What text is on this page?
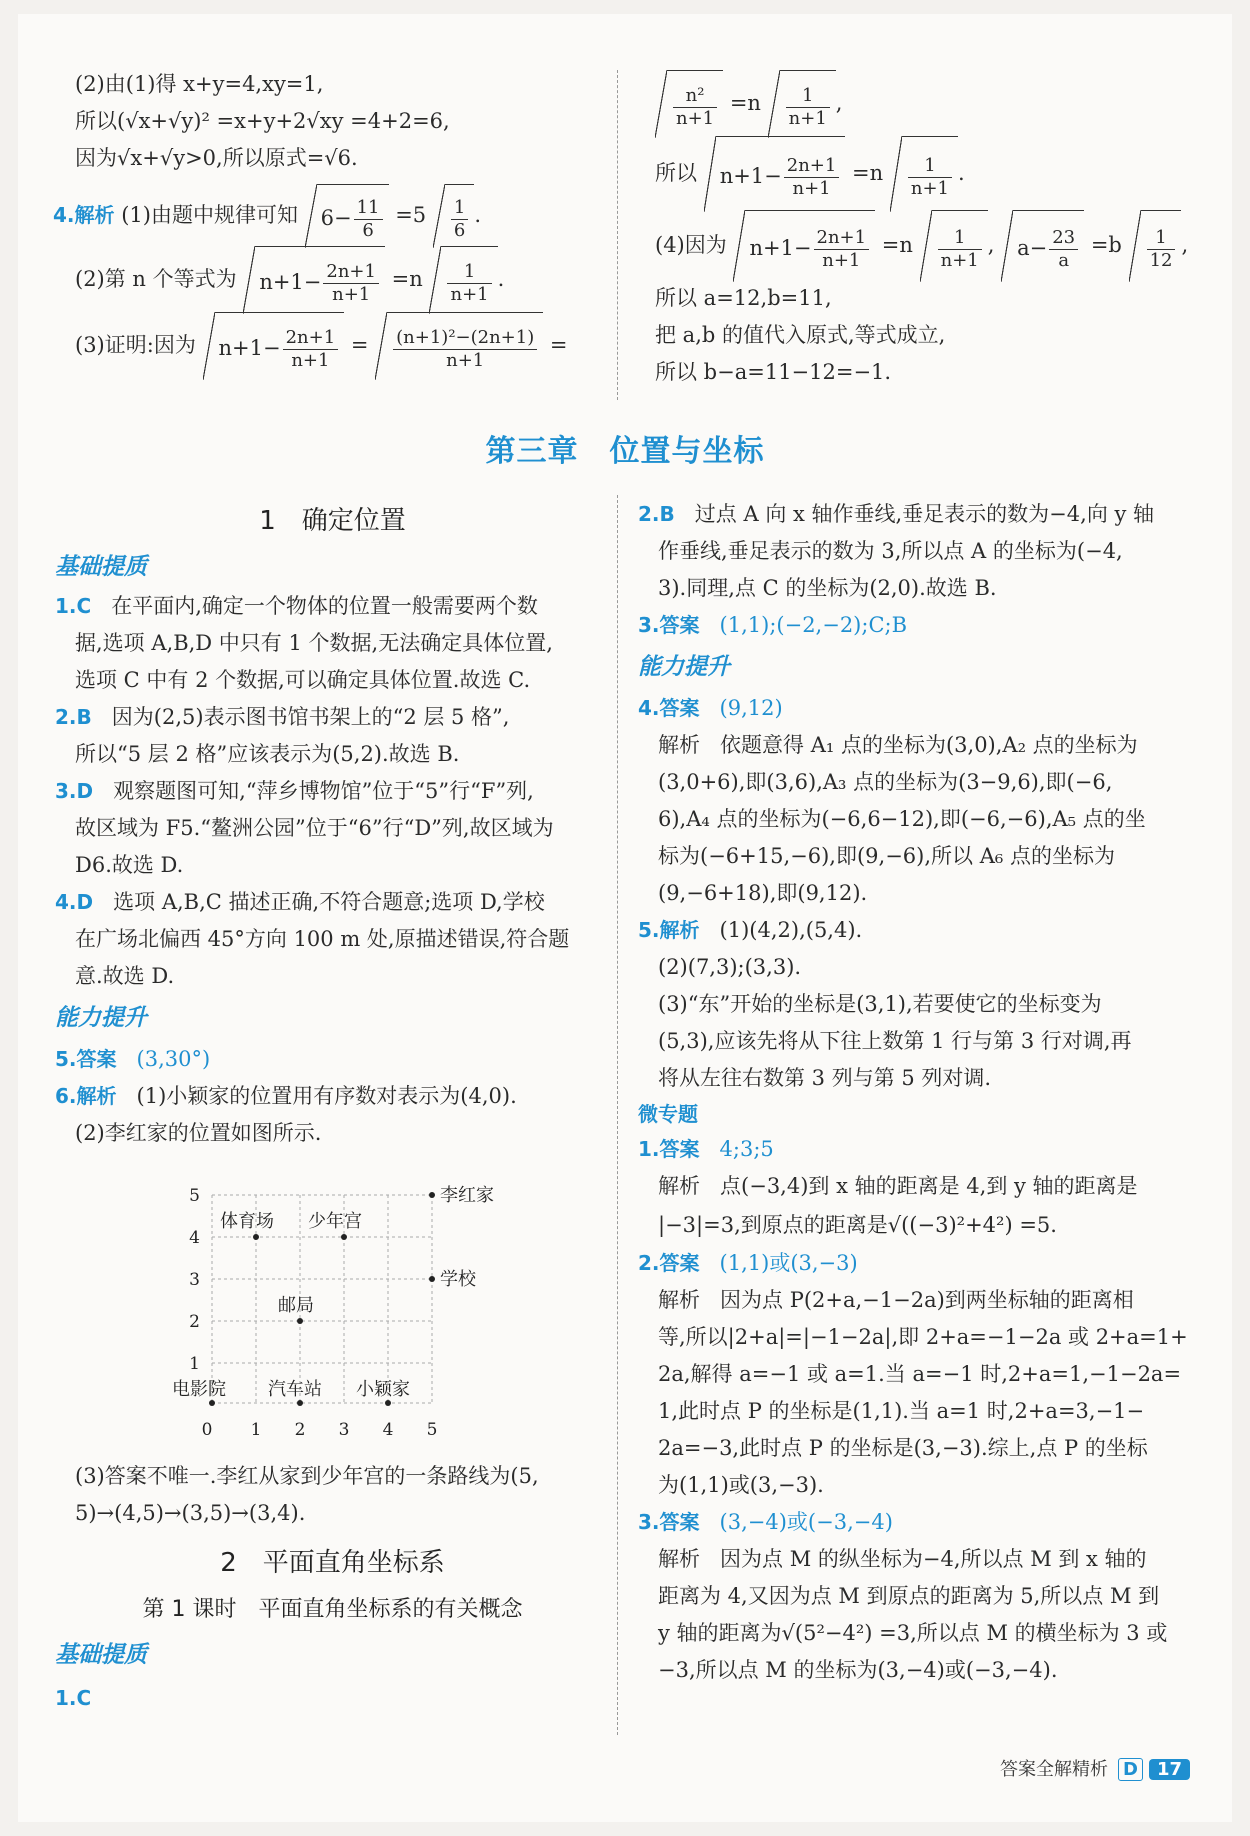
(2)由(1)得 x+y=4,xy=1,

所以(√x+√y)² =x+y+2√xy =4+2=6,

因为√x+√y>0,所以原式=√6.

4.解析 (1)由题中规律可知 $6- \frac{11}{6} =5 \frac{1}{6}$ .

(2)第 n 个等式为 $n+1- \frac{2n+1}{n+1} =n \frac{1}{n+1}$ .

(3)证明:因为 $n+1- \frac{2n+1}{n+1} = \frac{\text{(n+1)²−(2n+1)}}{n+1}$ =

$\frac{\text{n²}}{n+1} =n \frac{1}{n+1}$ ,

所以 $n+1- \frac{2n+1}{n+1} =n \frac{1}{n+1}$ .

(4)因为 $n+1- \frac{2n+1}{n+1} =n \frac{1}{n+1}$ , $a- \frac{23}{a} =b \frac{1}{12}$ ,

所以 a=12,b=11,

把 a,b 的值代入原式,等式成立,

所以 b−a=11−12=−1.

第三章　位置与坐标

1　确定位置

基础提质

1.C 在平面内,确定一个物体的位置一般需要两个数

据,选项 A,B,D 中只有 1 个数据,无法确定具体位置,

选项 C 中有 2 个数据,可以确定具体位置.故选 C.

2.B 因为(2,5)表示图书馆书架上的“2 层 5 格”,

所以“5 层 2 格”应该表示为(5,2).故选 B.

3.D 观察题图可知,“萍乡博物馆”位于“5”行“F”列,

故区域为 F5.“鳌洲公园”位于“6”行“D”列,故区域为

D6.故选 D.

4.D 选项 A,B,C 描述正确,不符合题意;选项 D,学校

在广场北偏西 45°方向 100 m 处,原描述错误,符合题

意.故选 D.

能力提升

5.答案 (3,30°)

6.解析 (1)小颖家的位置用有序数对表示为(4,0).

(2)李红家的位置如图所示.

0 1 2 3 4 5
1
2
3
4
5	李红家
学校
体育场 少年宫
邮局
电影院 汽车站 小颖家

(3)答案不唯一.李红从家到少年宫的一条路线为(5,

5)→(4,5)→(3,5)→(3,4).

2　平面直角坐标系

第 1 课时　平面直角坐标系的有关概念

基础提质

1.C

2.B 过点 A 向 x 轴作垂线,垂足表示的数为−4,向 y 轴

作垂线,垂足表示的数为 3,所以点 A 的坐标为(−4,

3).同理,点 C 的坐标为(2,0).故选 B.

3.答案 (1,1);(−2,−2);C;B

能力提升

4.答案 (9,12)

解析 依题意得 A₁ 点的坐标为(3,0),A₂ 点的坐标为

(3,0+6),即(3,6),A₃ 点的坐标为(3−9,6),即(−6,

6),A₄ 点的坐标为(−6,6−12),即(−6,−6),A₅ 点的坐

标为(−6+15,−6),即(9,−6),所以 A₆ 点的坐标为

(9,−6+18),即(9,12).

5.解析 (1)(4,2),(5,4).

(2)(7,3);(3,3).

(3)“东”开始的坐标是(3,1),若要使它的坐标变为

(5,3),应该先将从下往上数第 1 行与第 3 行对调,再

将从左往右数第 3 列与第 5 列对调.

微专题

1.答案 4;3;5

解析 点(−3,4)到 x 轴的距离是 4,到 y 轴的距离是

|−3|=3,到原点的距离是√((−3)²+4²) =5.

2.答案 (1,1)或(3,−3)

解析 因为点 P(2+a,−1−2a)到两坐标轴的距离相

等,所以|2+a|=|−1−2a|,即 2+a=−1−2a 或 2+a=1+

2a,解得 a=−1 或 a=1.当 a=−1 时,2+a=1,−1−2a=

1,此时点 P 的坐标是(1,1).当 a=1 时,2+a=3,−1−

2a=−3,此时点 P 的坐标是(3,−3).综上,点 P 的坐标

为(1,1)或(3,−3).

3.答案 (3,−4)或(−3,−4)

解析 因为点 M 的纵坐标为−4,所以点 M 到 x 轴的

距离为 4,又因为点 M 到原点的距离为 5,所以点 M 到

y 轴的距离为√(5²−4²) =3,所以点 M 的横坐标为 3 或

−3,所以点 M 的坐标为(3,−4)或(−3,−4).

答案全解精析 D 17
